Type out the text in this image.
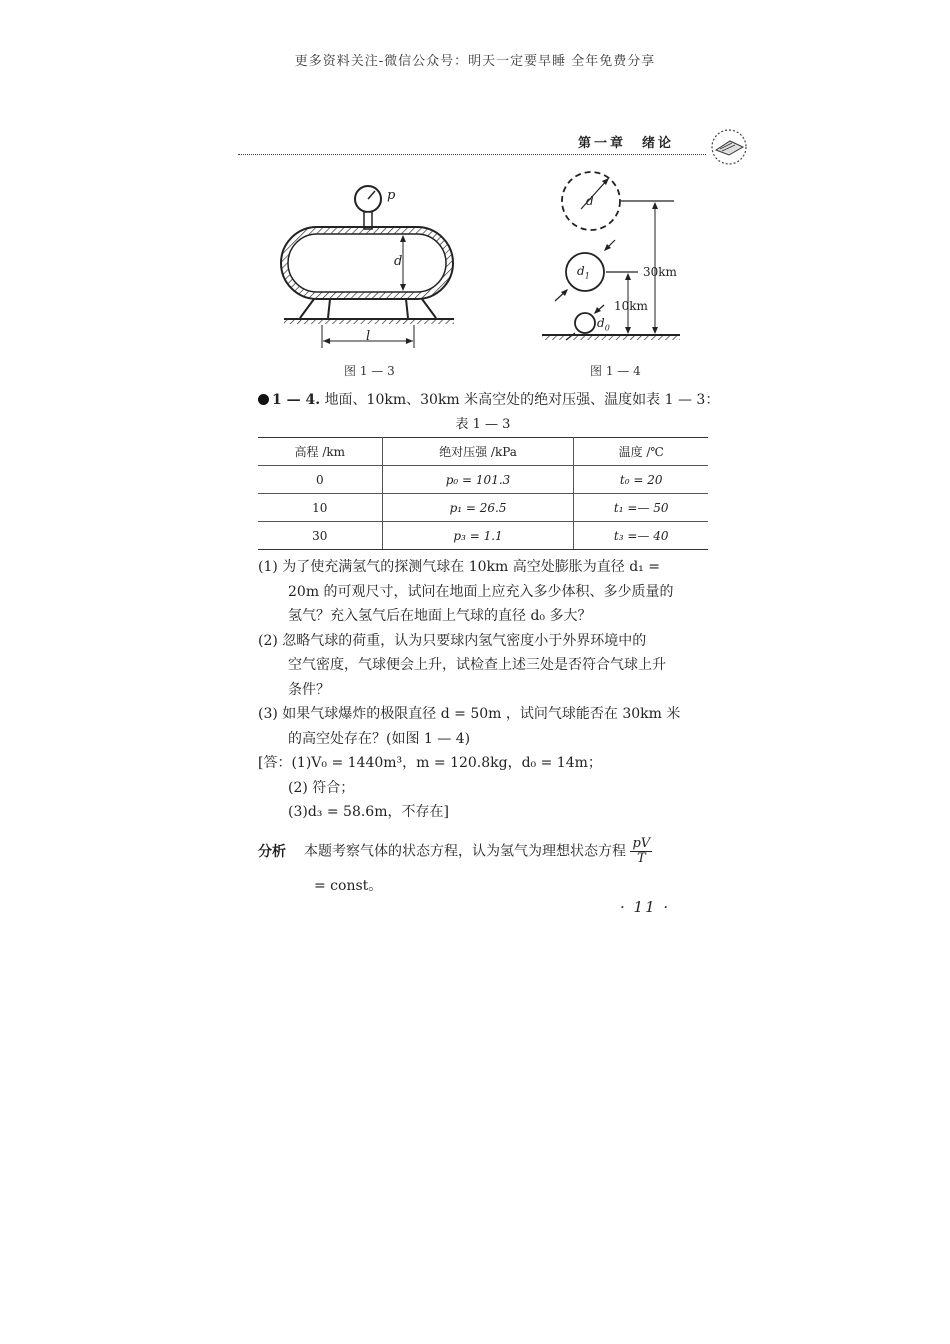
更多资料关注-微信公众号：明天一定要早睡 全年免费分享
第一章　绪论
p
d
l
图 1 — 3
d
$d_1$	30km
10km
$d_0$
图 1 — 4
1 — 4. 地面、10km、30km 米高空处的绝对压强、温度如表 1 — 3：
表 1 — 3
高程 /km	绝对压强 /kPa	温度 /℃
0	p₀ = 101.3	t₀ = 20
10	p₁ = 26.5	t₁ =— 50
30	p₃ = 1.1	t₃ =— 40

(1) 为了使充满氢气的探测气球在 10km 高空处膨胀为直径 d₁ =

20m 的可观尺寸，试问在地面上应充入多少体积、多少质量的

氢气？充入氢气后在地面上气球的直径 d₀ 多大？

(2) 忽略气球的荷重，认为只要球内氢气密度小于外界环境中的

空气密度，气球便会上升，试检查上述三处是否符合气球上升

条件？

(3) 如果气球爆炸的极限直径 d = 50m ，试问气球能否在 30km 米

的高空处存在？(如图 1 — 4)

[答：(1)V₀ = 1440m³，m = 120.8kg，d₀ = 14m；

(2) 符合；

(3)d₃ = 58.6m，不存在]

分析 本题考察气体的状态方程，认为氢气为理想状态方程 $\frac{pV}{T}$
= const。
· 11 ·
